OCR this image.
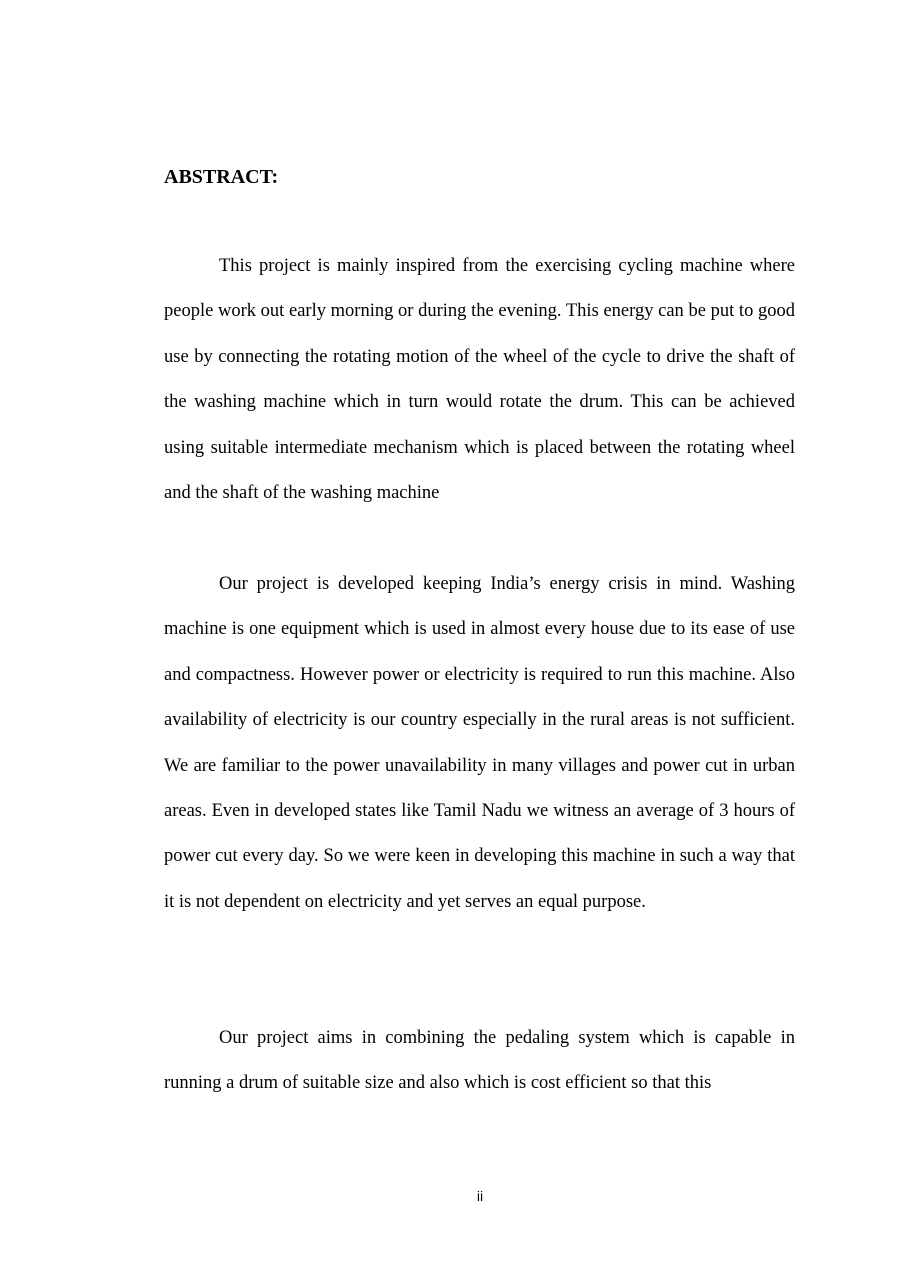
ABSTRACT:

This project is mainly inspired from the exercising cycling machine where people work out early morning or during the evening. This energy can be put to good use by connecting the rotating motion of the wheel of the cycle to drive the shaft of the washing machine which in turn would rotate the drum. This can be achieved using suitable intermediate mechanism which is placed between the rotating wheel and the shaft of the washing machine

Our project is developed keeping India’s energy crisis in mind. Washing machine is one equipment which is used in almost every house due to its ease of use and compactness. However power or electricity is required to run this machine. Also availability of electricity is our country especially in the rural areas is not sufficient. We are familiar to the power unavailability in many villages and power cut in urban areas. Even in developed states like Tamil Nadu we witness an average of 3 hours of power cut every day. So we were keen in developing this machine in such a way that it is not dependent on electricity and yet serves an equal purpose.

Our project aims in combining the pedaling system which is capable in running a drum of suitable size and also which is cost efficient so that this

ii
